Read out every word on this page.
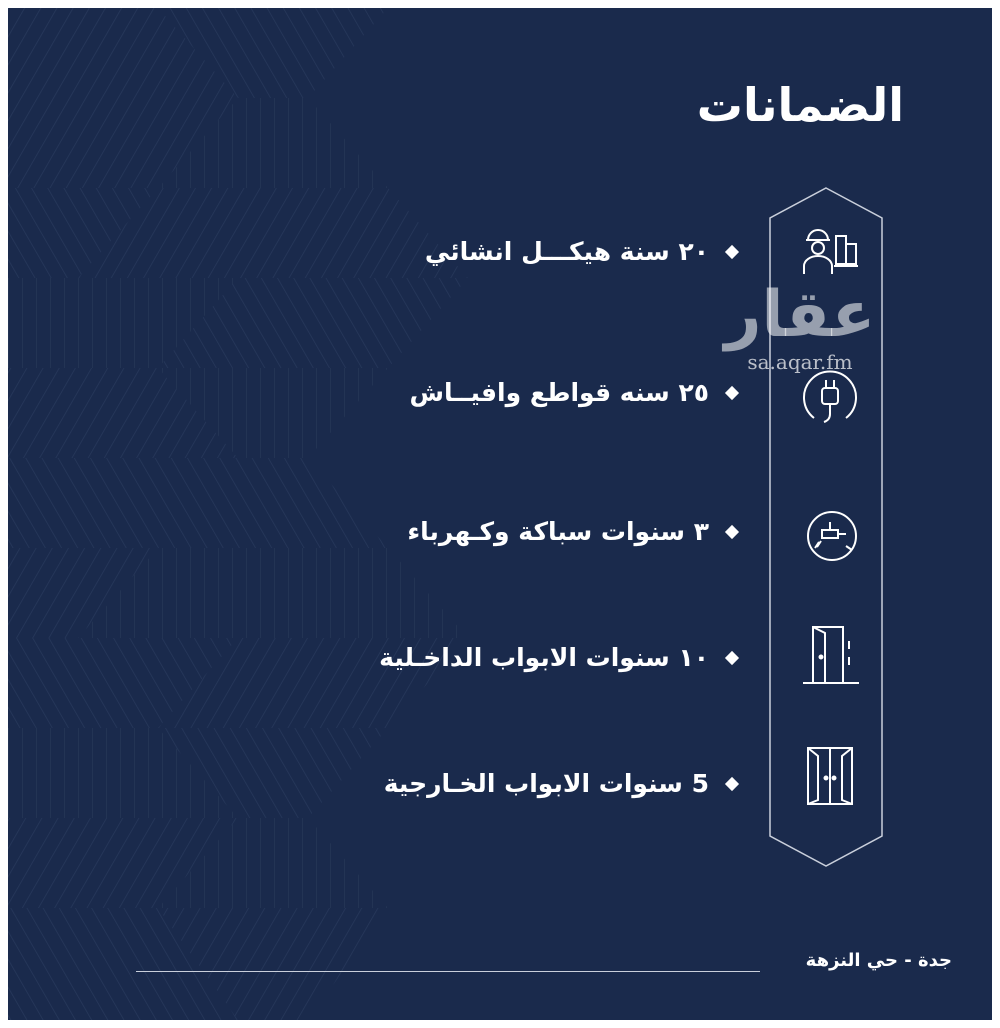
الضمانات
٢٠ سنة هيكـــل انشائي
٢٥ سنه قواطع وافيــاش
٣ سنوات سباكة وكـهرباء
١٠ سنوات الابواب الداخـلية
5 سنوات الابواب الخـارجية
عقار
sa.aqar.fm
جدة - حي النزهة
